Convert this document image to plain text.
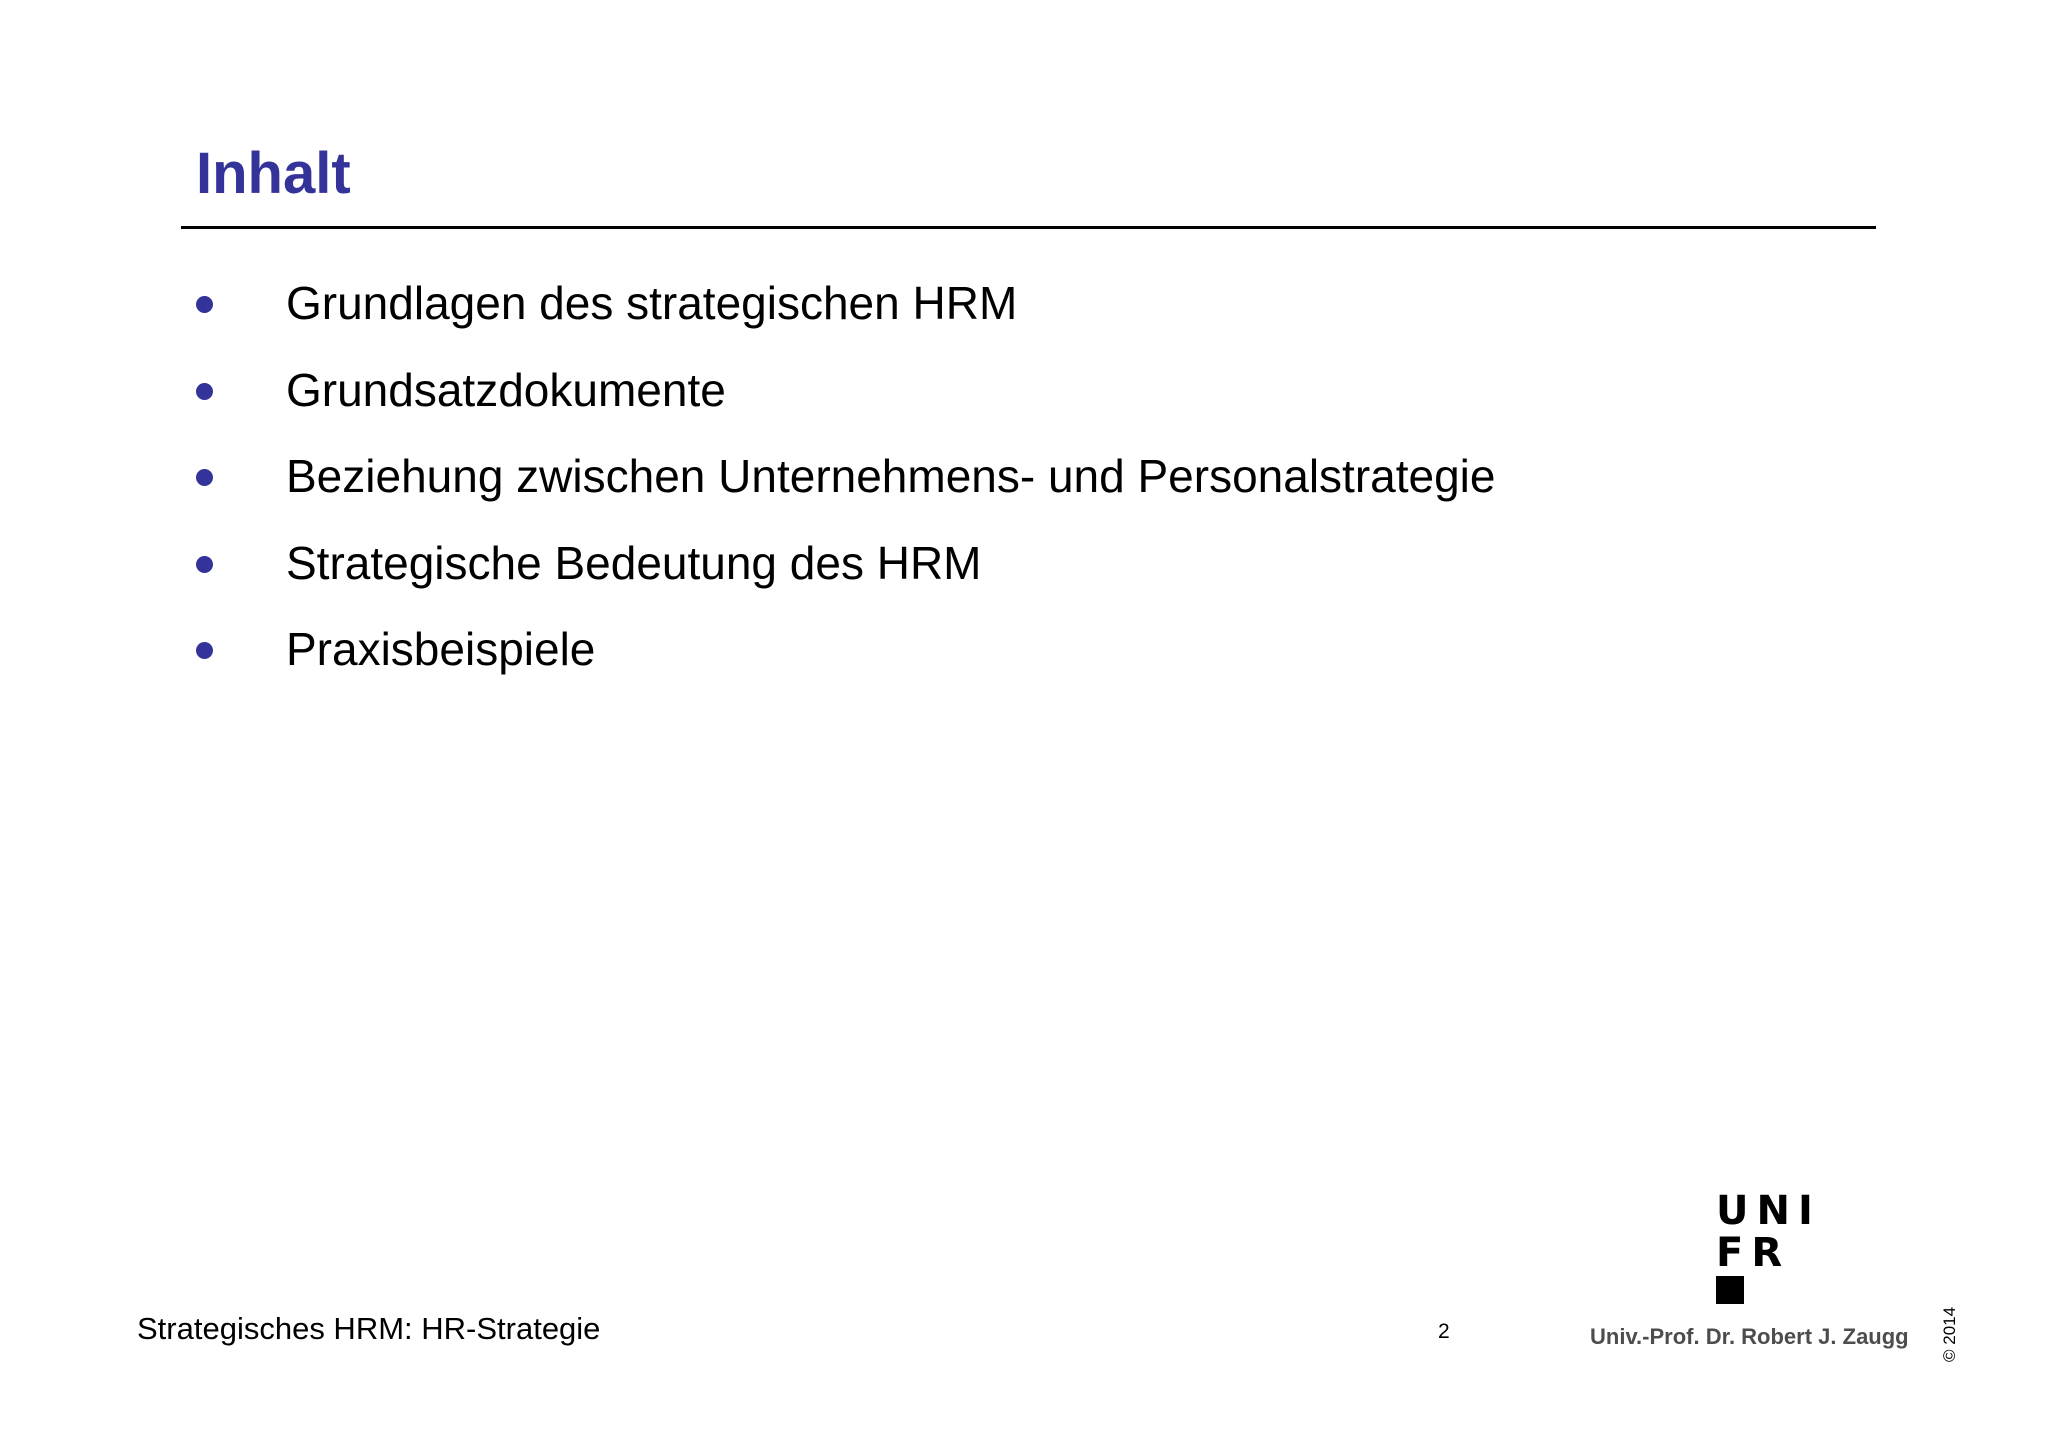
Inhalt
Grundlagen des strategischen HRM
Grundsatzdokumente
Beziehung zwischen Unternehmens- und Personalstrategie
Strategische Bedeutung des HRM
Praxisbeispiele
UNI
FR
Strategisches HRM: HR-Strategie	2	Univ.-Prof. Dr. Robert J. Zaugg © 2014
